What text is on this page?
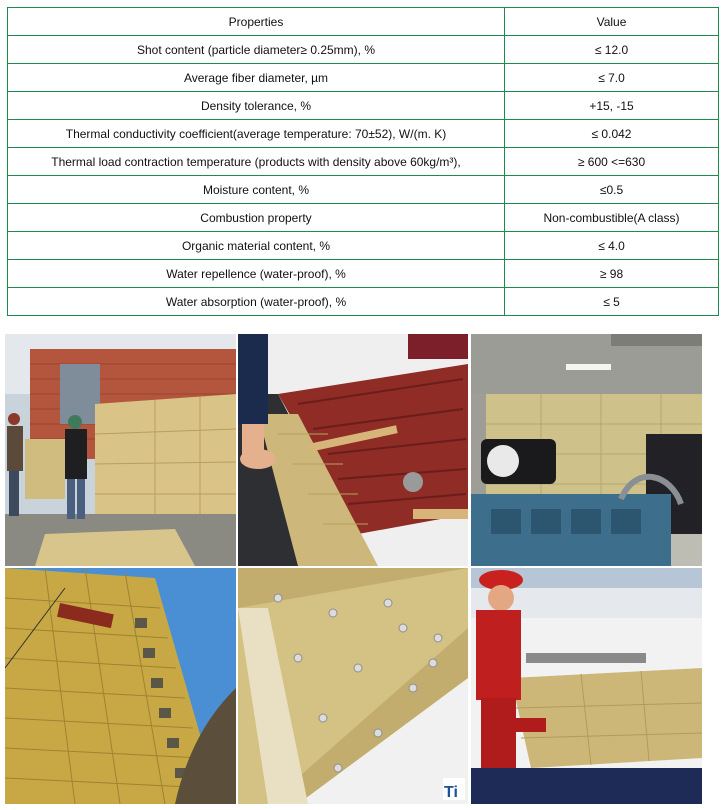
Properties	Value
Shot content (particle diameter≥ 0.25mm), %	≤ 12.0
Average fiber diameter, µm	≤ 7.0
Density tolerance, %	+15, -15
Thermal conductivity coefficient(average temperature: 70±52), W/(m. K)	≤ 0.042
Thermal load contraction temperature (products with density above 60kg/m³),	≥ 600 <=630
Moisture content, %	≤0.5
Combustion property	Non-combustible(A class)
Organic material content, %	≤ 4.0
Water repellence (water-proof), %	≥ 98
Water absorption (water-proof), %	≤ 5
Ti
